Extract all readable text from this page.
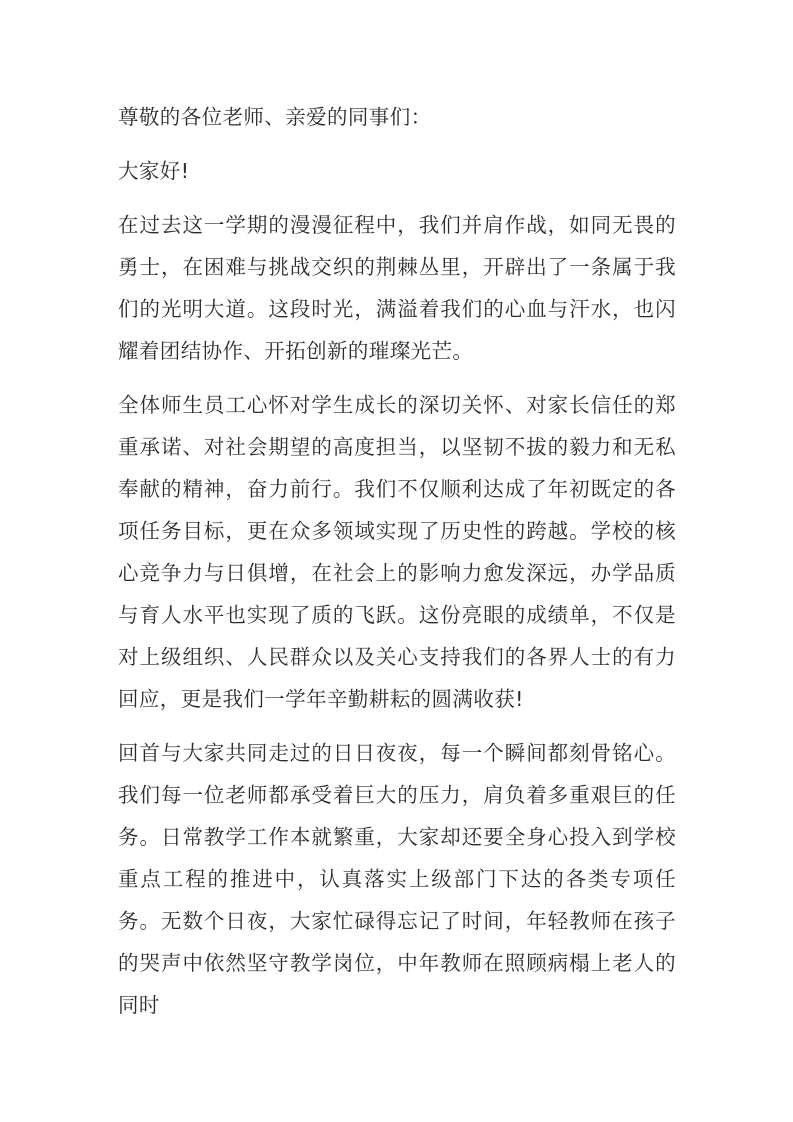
尊敬的各位老师、亲爱的同事们：

大家好!

在过去这一学期的漫漫征程中，我们并肩作战，如同无畏的勇士，在困难与挑战交织的荆棘丛里，开辟出了一条属于我们的光明大道。这段时光，满溢着我们的心血与汗水，也闪耀着团结协作、开拓创新的璀璨光芒。

全体师生员工心怀对学生成长的深切关怀、对家长信任的郑重承诺、对社会期望的高度担当，以坚韧不拔的毅力和无私奉献的精神，奋力前行。我们不仅顺利达成了年初既定的各项任务目标，更在众多领域实现了历史性的跨越。学校的核心竞争力与日俱增，在社会上的影响力愈发深远，办学品质与育人水平也实现了质的飞跃。这份亮眼的成绩单，不仅是对上级组织、人民群众以及关心支持我们的各界人士的有力回应，更是我们一学年辛勤耕耘的圆满收获!

回首与大家共同走过的日日夜夜，每一个瞬间都刻骨铭心。我们每一位老师都承受着巨大的压力，肩负着多重艰巨的任务。日常教学工作本就繁重，大家却还要全身心投入到学校重点工程的推进中，认真落实上级部门下达的各类专项任务。无数个日夜，大家忙碌得忘记了时间，年轻教师在孩子的哭声中依然坚守教学岗位，中年教师在照顾病榻上老人的同时
